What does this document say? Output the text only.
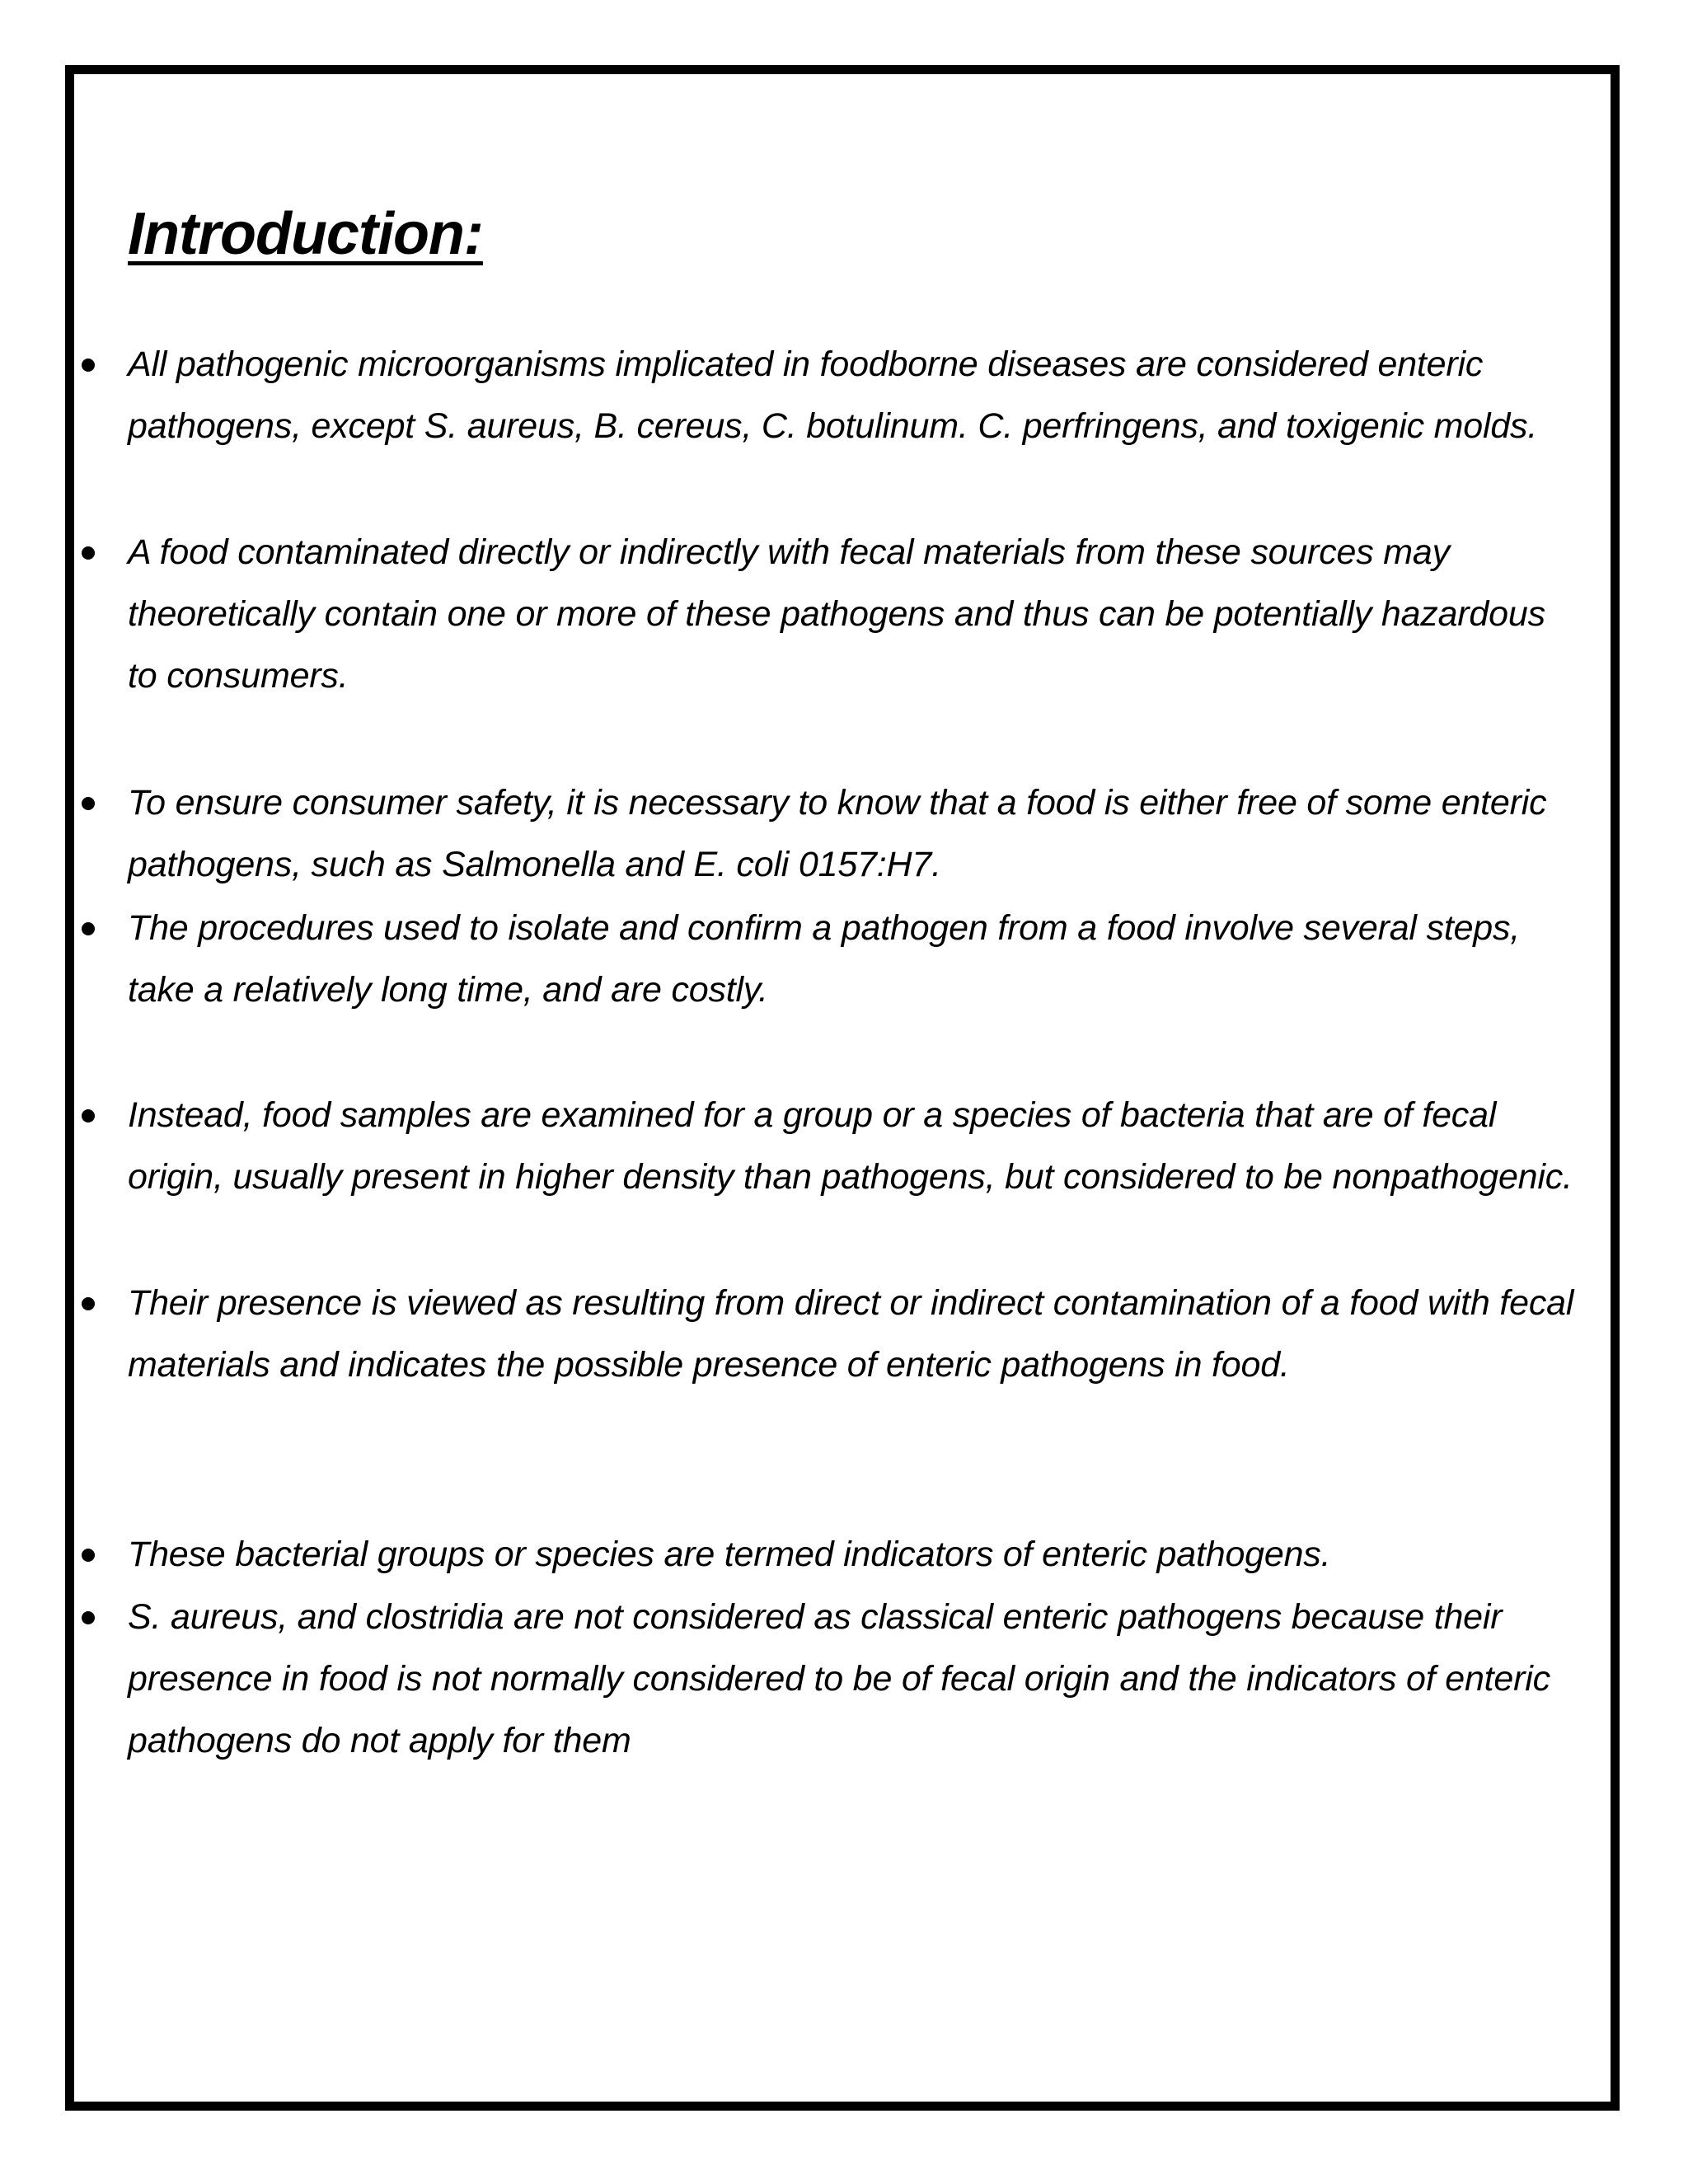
Introduction:
All pathogenic microorganisms implicated in foodborne diseases are considered enteric pathogens, except S. aureus, B. cereus, C. botulinum. C. perfringens, and toxigenic molds.
A food contaminated directly or indirectly with fecal materials from these sources may theoretically contain one or more of these pathogens and thus can be potentially hazardous to consumers.
To ensure consumer safety, it is necessary to know that a food is either free of some enteric pathogens, such as Salmonella and E. coli 0157:H7.
The procedures used to isolate and confirm a pathogen from a food involve several steps, take a relatively long time, and are costly.
Instead, food samples are examined for a group or a species of bacteria that are of fecal origin, usually present in higher density than pathogens, but considered to be nonpathogenic.
Their presence is viewed as resulting from direct or indirect contamination of a food with fecal materials and indicates the possible presence of enteric pathogens in food.
These bacterial groups or species are termed indicators of enteric pathogens.
S. aureus, and clostridia are not considered as classical enteric pathogens because their presence in food is not normally considered to be of fecal origin and the indicators of enteric pathogens do not apply for them
